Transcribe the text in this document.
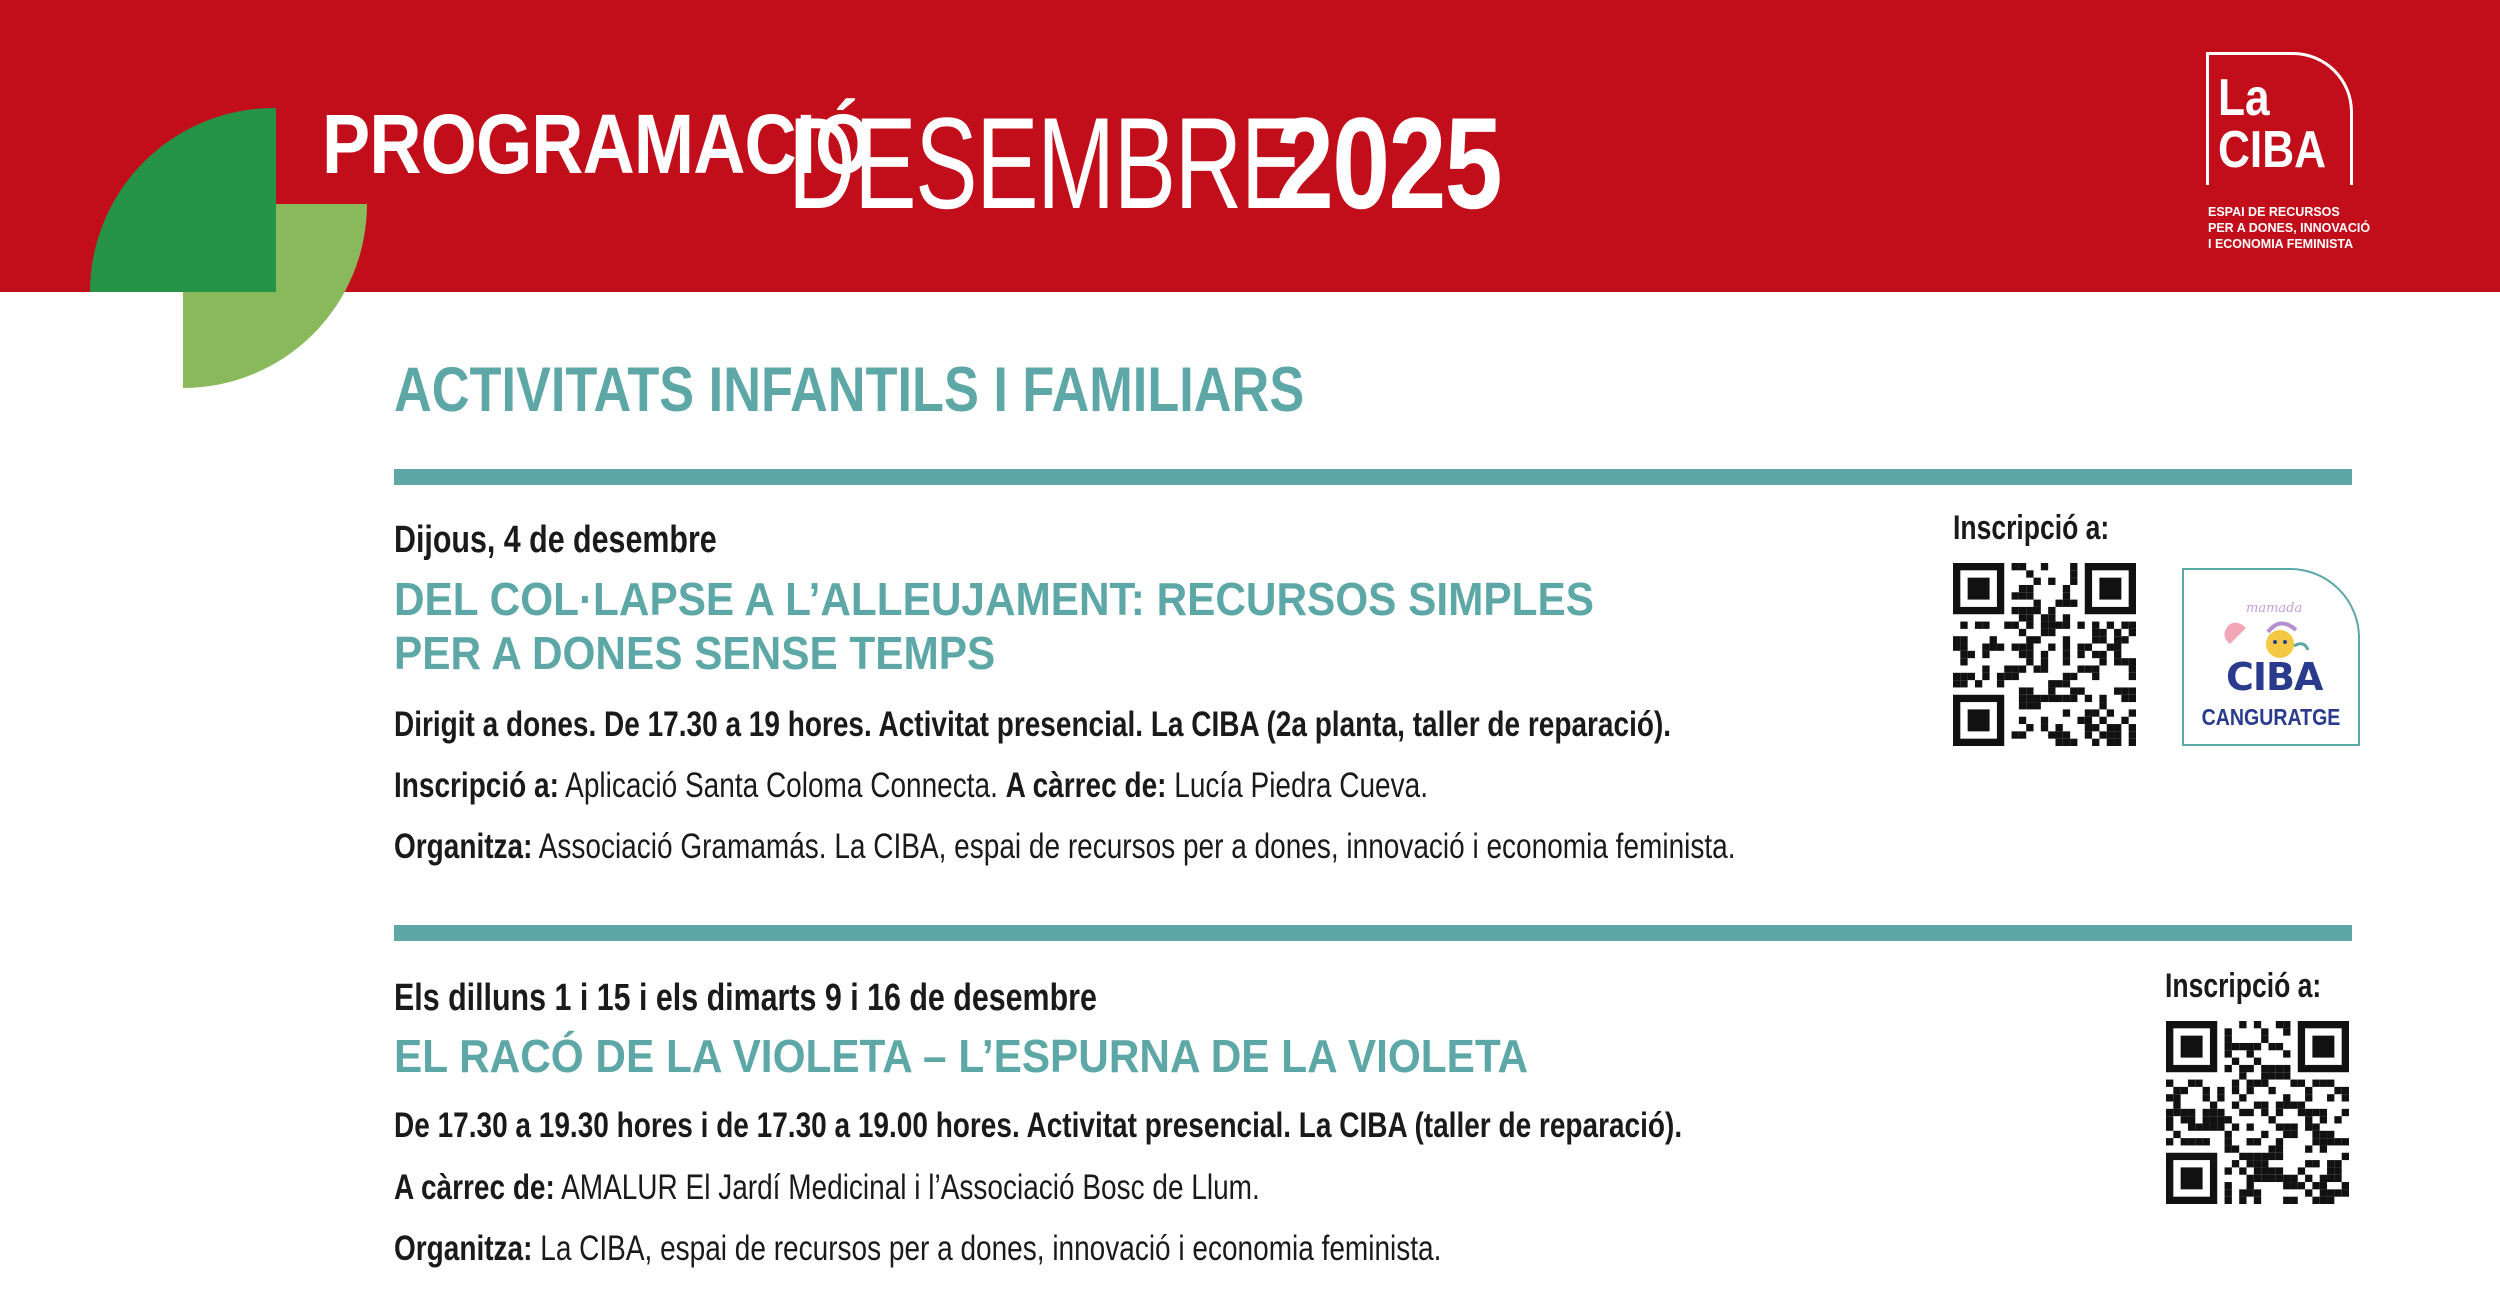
PROGRAMACIÓ
DESEMBRE
2025	La
CIBA
ESPAI DE RECURSOS
PER A DONES, INNOVACIÓ
I ECONOMIA FEMINISTA
ACTIVITATS INFANTILS I FAMILIARS
Dijous, 4 de desembre
DEL COL·LAPSE A L’ALLEUJAMENT: RECURSOS SIMPLES
PER A DONES SENSE TEMPS
Dirigit a dones. De 17.30 a 19 hores. Activitat presencial. La CIBA (2a planta, taller de reparació).
Inscripció a: Aplicació Santa Coloma Connecta. A càrrec de: Lucía Piedra Cueva.
Organitza: Associació Gramamás. La CIBA, espai de recursos per a dones, innovació i economia feminista.
Inscripció a:
mamada
CIBA
CANGURATGE
Els dilluns 1 i 15 i els dimarts 9 i 16 de desembre
EL RACÓ DE LA VIOLETA – L’ESPURNA DE LA VIOLETA
De 17.30 a 19.30 hores i de 17.30 a 19.00 hores. Activitat presencial. La CIBA (taller de reparació).
A càrrec de: AMALUR El Jardí Medicinal i l’Associació Bosc de Llum.
Organitza: La CIBA, espai de recursos per a dones, innovació i economia feminista.
Inscripció a:
